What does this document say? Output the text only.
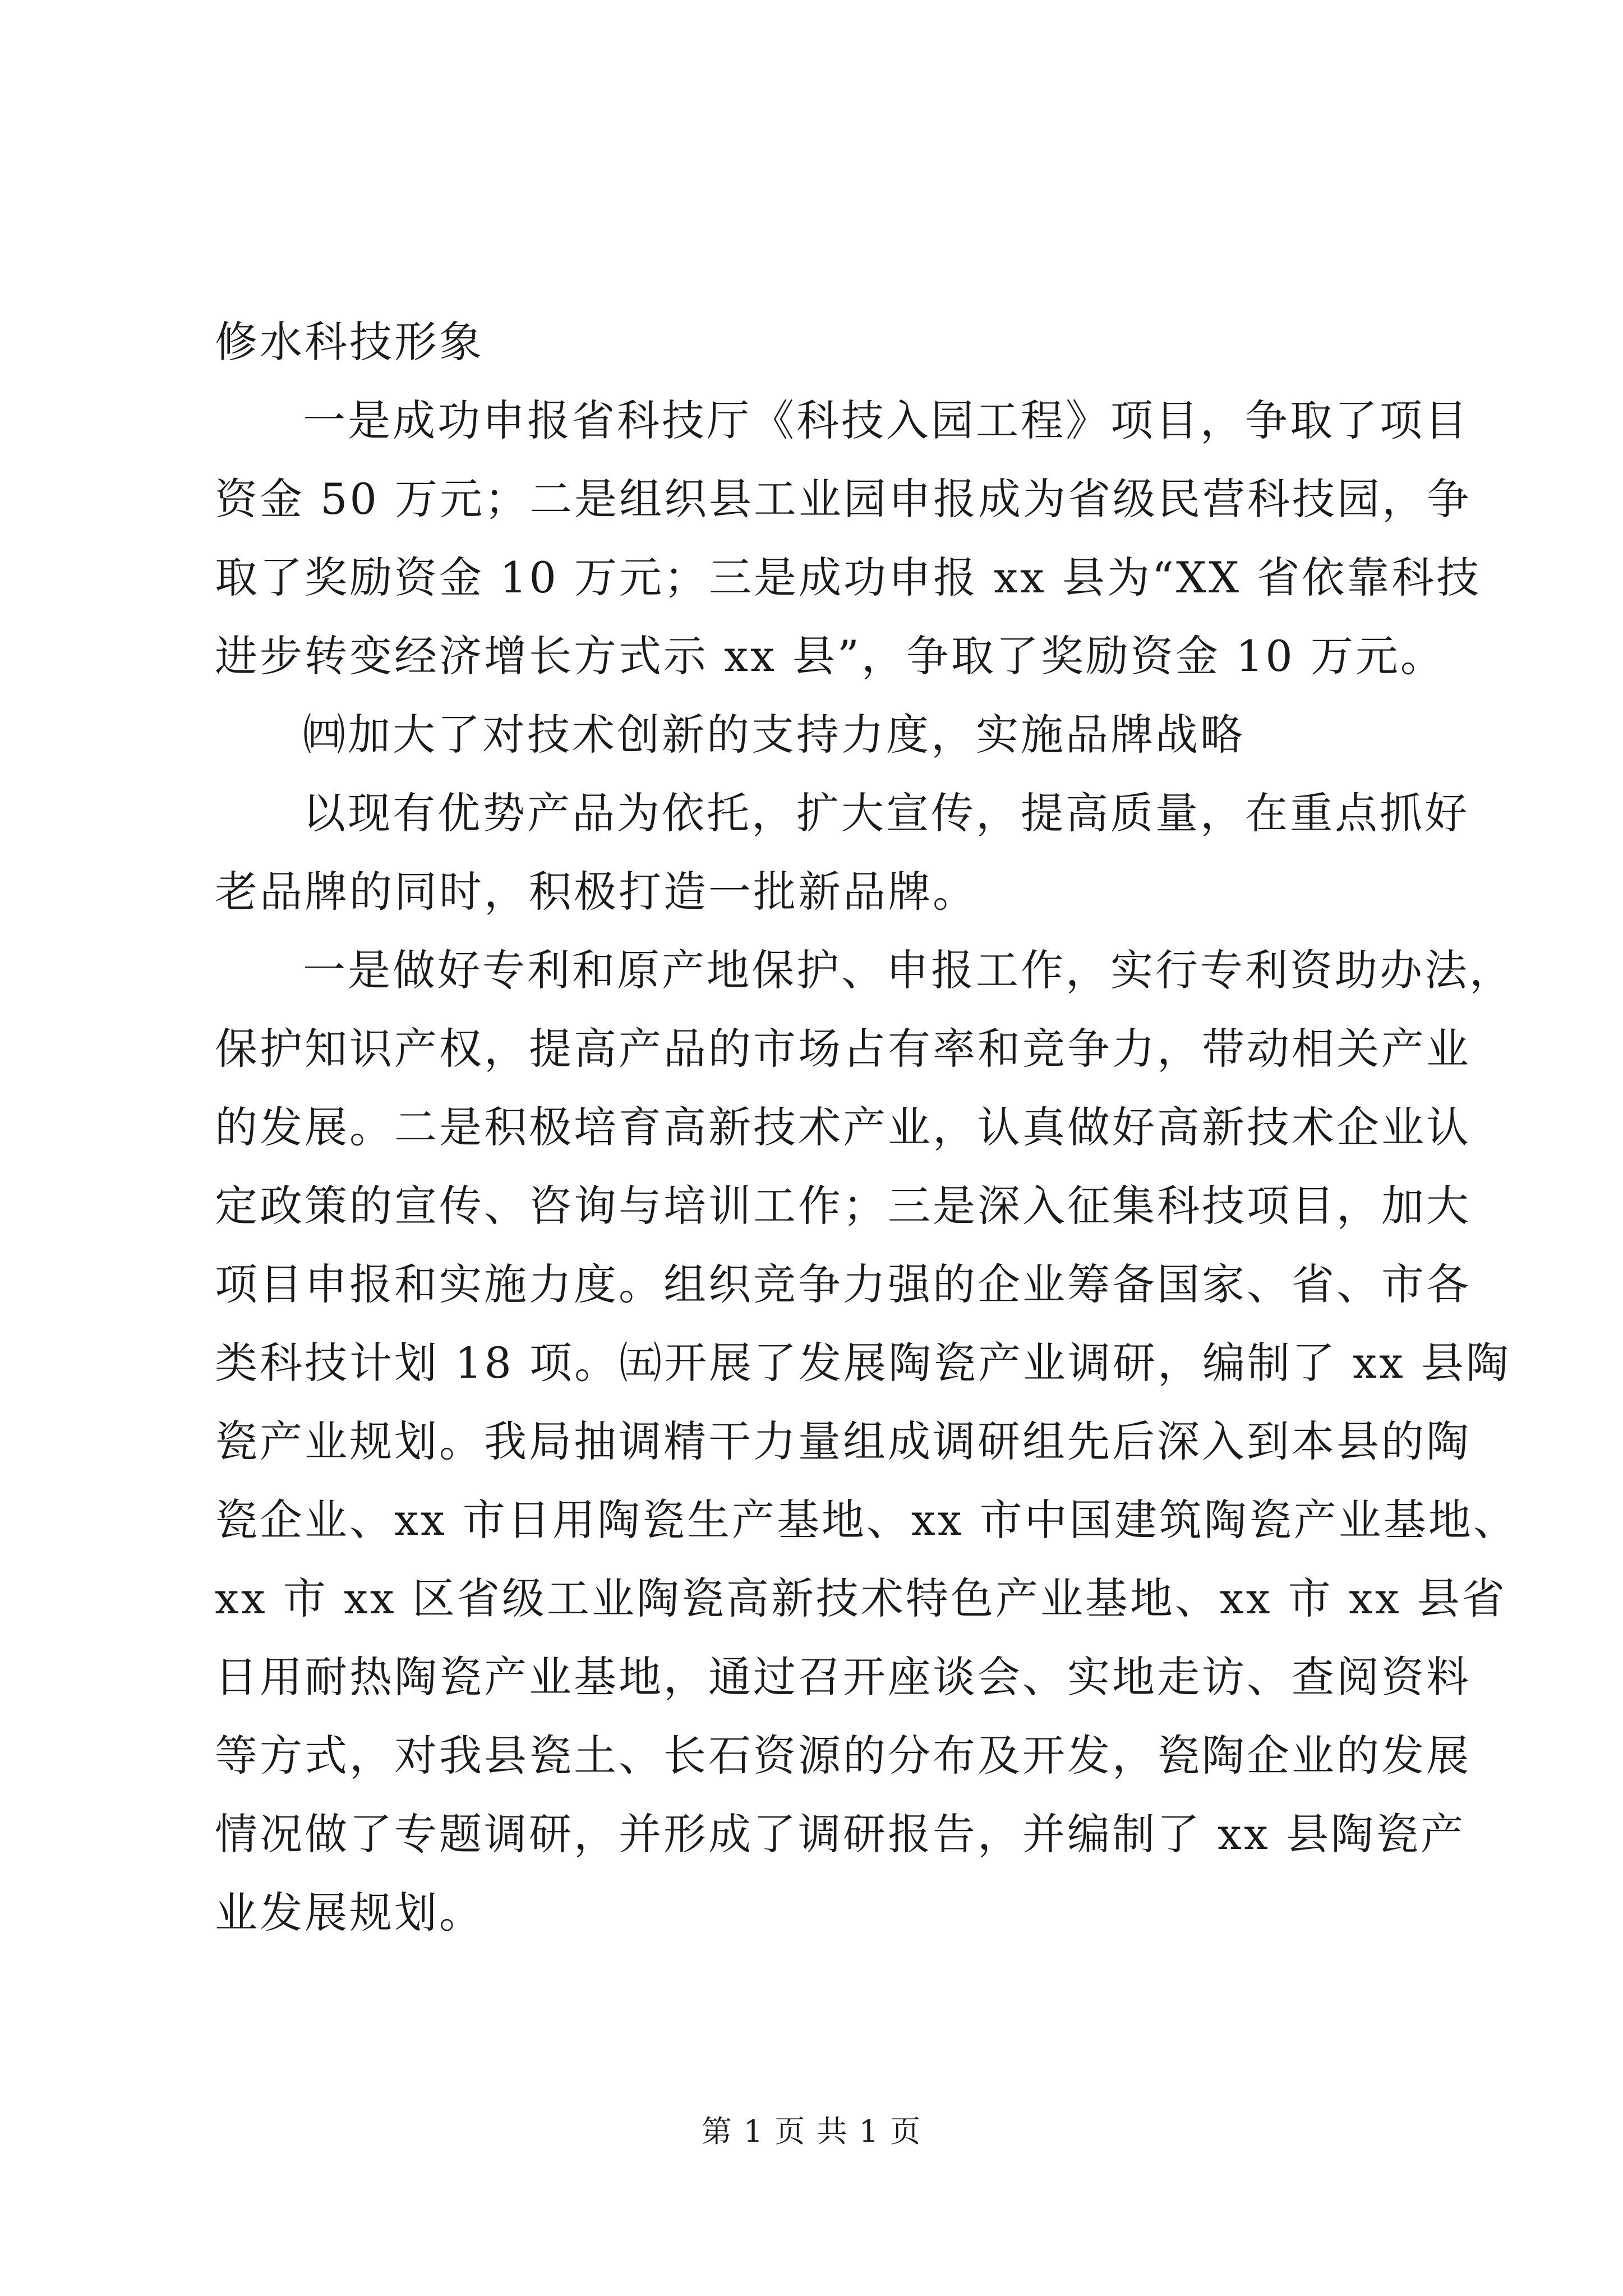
修水科技形象
一是成功申报省科技厅《科技入园工程》项目，争取了项目
资金 50 万元；二是组织县工业园申报成为省级民营科技园，争
取了奖励资金 10 万元；三是成功申报 xx 县为“XX 省依靠科技
进步转变经济增长方式示 xx 县”，争取了奖励资金 10 万元。
㈣加大了对技术创新的支持力度，实施品牌战略
以现有优势产品为依托，扩大宣传，提高质量，在重点抓好
老品牌的同时，积极打造一批新品牌。
一是做好专利和原产地保护、申报工作，实行专利资助办法，
保护知识产权，提高产品的市场占有率和竞争力，带动相关产业
的发展。二是积极培育高新技术产业，认真做好高新技术企业认
定政策的宣传、咨询与培训工作；三是深入征集科技项目，加大
项目申报和实施力度。组织竞争力强的企业筹备国家、省、市各
类科技计划 18 项。㈤开展了发展陶瓷产业调研，编制了 xx 县陶
瓷产业规划。我局抽调精干力量组成调研组先后深入到本县的陶
瓷企业、xx 市日用陶瓷生产基地、xx 市中国建筑陶瓷产业基地、
xx 市 xx 区省级工业陶瓷高新技术特色产业基地、xx 市 xx 县省
日用耐热陶瓷产业基地，通过召开座谈会、实地走访、查阅资料
等方式，对我县瓷土、长石资源的分布及开发，瓷陶企业的发展
情况做了专题调研，并形成了调研报告，并编制了 xx 县陶瓷产
业发展规划。
第 1 页 共 1 页
